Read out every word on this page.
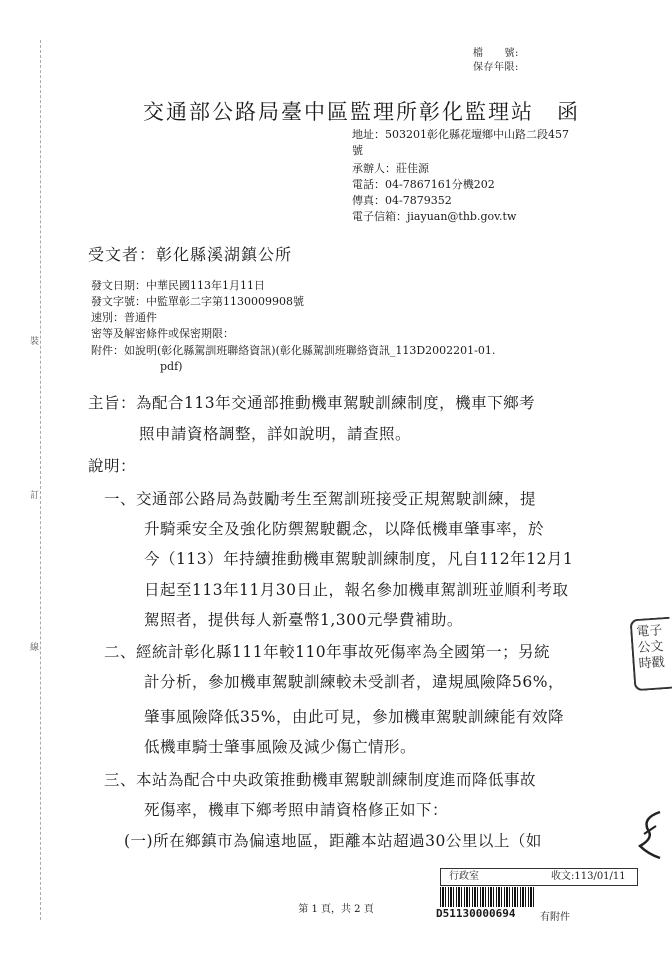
裝
訂
線
檔　　號:
保存年限:
交通部公路局臺中區監理所彰化監理站　函
地址：503201彰化縣花壇鄉中山路二段457
號
承辦人：莊佳源
電話：04-7867161分機202
傳真：04-7879352
電子信箱：jiayuan@thb.gov.tw
受文者：彰化縣溪湖鎮公所
發文日期：中華民國113年1月11日
發文字號：中監單彰二字第1130009908號
速別：普通件
密等及解密條件或保密期限：
附件：如說明(彰化縣駕訓班聯絡資訊)(彰化縣駕訓班聯絡資訊_113D2002201-01.
pdf)
主旨：為配合113年交通部推動機車駕駛訓練制度，機車下鄉考
照申請資格調整，詳如說明，請查照。
說明：
一、交通部公路局為鼓勵考生至駕訓班接受正規駕駛訓練，提
升騎乘安全及強化防禦駕駛觀念，以降低機車肇事率，於
今（113）年持續推動機車駕駛訓練制度，凡自112年12月1
日起至113年11月30日止，報名參加機車駕訓班並順利考取
駕照者，提供每人新臺幣1,300元學費補助。
二、經統計彰化縣111年較110年事故死傷率為全國第一；另統
計分析，參加機車駕駛訓練較未受訓者，違規風險降56%，
肇事風險降低35%，由此可見，參加機車駕駛訓練能有效降
低機車騎士肇事風險及減少傷亡情形。
三、本站為配合中央政策推動機車駕駛訓練制度進而降低事故
死傷率，機車下鄉考照申請資格修正如下：
(一)所在鄉鎮市為偏遠地區，距離本站超過30公里以上（如
電子公文時戳
行政室	收文:113/01/11
D51130000694 有附件
第 1 頁，共 2 頁
